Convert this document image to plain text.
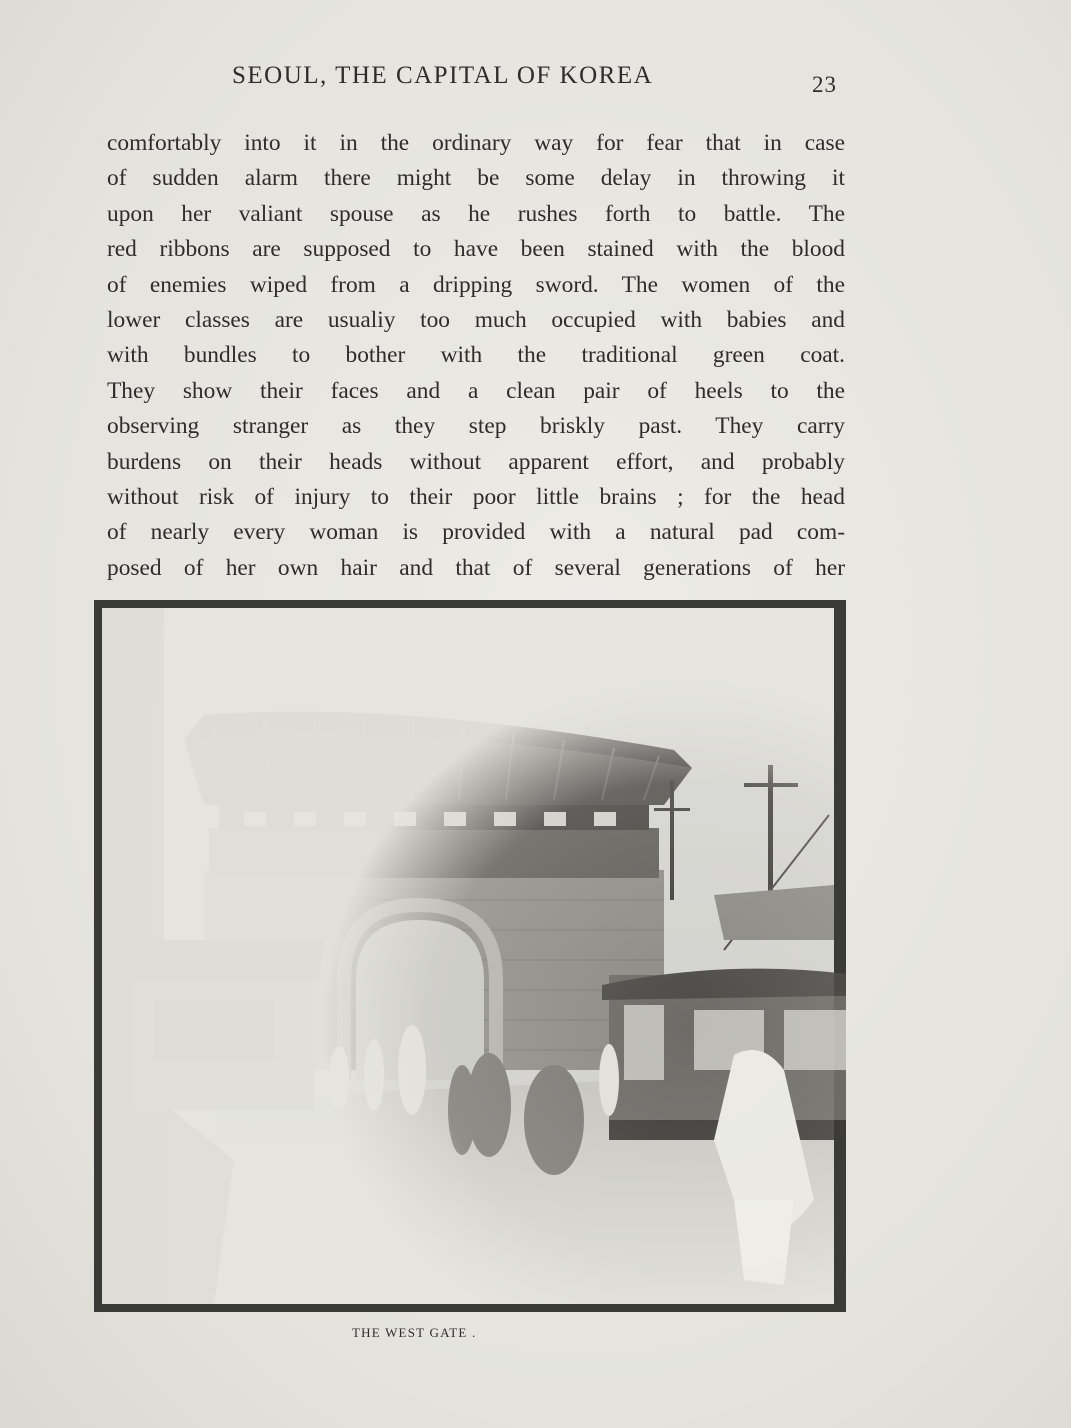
SEOUL, THE CAPITAL OF KOREA	23
comfortably into it in the ordinary way for fear that in case
of sudden alarm there might be some delay in throwing it
upon her valiant spouse as he rushes forth to battle. The
red ribbons are supposed to have been stained with the blood
of enemies wiped from a dripping sword. The women of the
lower classes are usualiy too much occupied with babies and
with bundles to bother with the traditional green coat.
They show their faces and a clean pair of heels to the
observing stranger as they step briskly past. They carry
burdens on their heads without apparent effort, and probably
without risk of injury to their poor little brains ; for the head
of nearly every woman is provided with a natural pad com-
posed of her own hair and that of several generations of her
THE WEST GATE .
